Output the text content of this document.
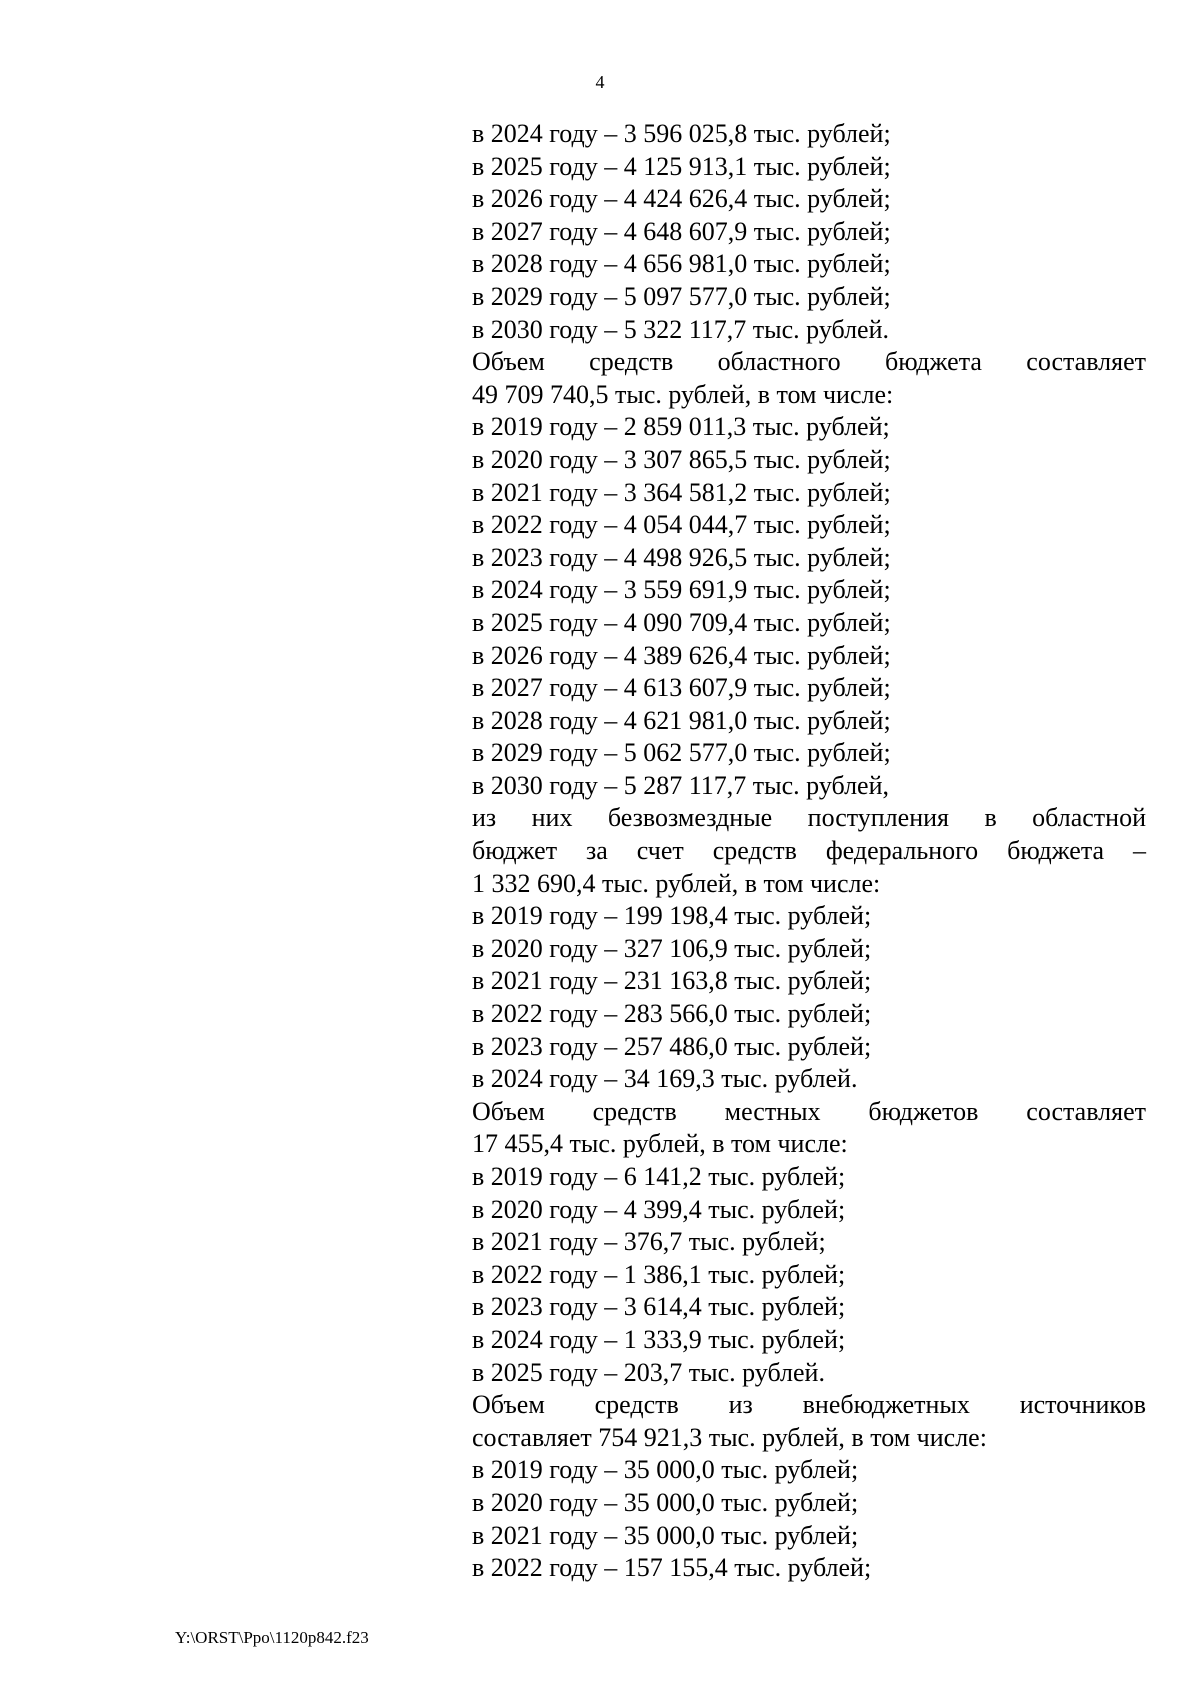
4
в 2024 году – 3 596 025,8 тыс. рублей;
в 2025 году – 4 125 913,1 тыс. рублей;
в 2026 году – 4 424 626,4 тыс. рублей;
в 2027 году – 4 648 607,9 тыс. рублей;
в 2028 году – 4 656 981,0 тыс. рублей;
в 2029 году – 5 097 577,0 тыс. рублей;
в 2030 году – 5 322 117,7 тыс. рублей.
Объем средств областного бюджета составляет
49 709 740,5 тыс. рублей, в том числе:
в 2019 году – 2 859 011,3 тыс. рублей;
в 2020 году – 3 307 865,5 тыс. рублей;
в 2021 году – 3 364 581,2 тыс. рублей;
в 2022 году – 4 054 044,7 тыс. рублей;
в 2023 году – 4 498 926,5 тыс. рублей;
в 2024 году – 3 559 691,9 тыс. рублей;
в 2025 году – 4 090 709,4 тыс. рублей;
в 2026 году – 4 389 626,4 тыс. рублей;
в 2027 году – 4 613 607,9 тыс. рублей;
в 2028 году – 4 621 981,0 тыс. рублей;
в 2029 году – 5 062 577,0 тыс. рублей;
в 2030 году – 5 287 117,7 тыс. рублей,
из них безвозмездные поступления в областной
бюджет за счет средств федерального бюджета –
1 332 690,4 тыс. рублей, в том числе:
в 2019 году – 199 198,4 тыс. рублей;
в 2020 году – 327 106,9 тыс. рублей;
в 2021 году – 231 163,8 тыс. рублей;
в 2022 году – 283 566,0 тыс. рублей;
в 2023 году – 257 486,0 тыс. рублей;
в 2024 году – 34 169,3 тыс. рублей.
Объем средств местных бюджетов составляет
17 455,4 тыс. рублей, в том числе:
в 2019 году – 6 141,2 тыс. рублей;
в 2020 году – 4 399,4 тыс. рублей;
в 2021 году – 376,7 тыс. рублей;
в 2022 году – 1 386,1 тыс. рублей;
в 2023 году – 3 614,4 тыс. рублей;
в 2024 году – 1 333,9 тыс. рублей;
в 2025 году – 203,7 тыс. рублей.
Объем средств из внебюджетных источников
составляет 754 921,3 тыс. рублей, в том числе:
в 2019 году – 35 000,0 тыс. рублей;
в 2020 году – 35 000,0 тыс. рублей;
в 2021 году – 35 000,0 тыс. рублей;
в 2022 году – 157 155,4 тыс. рублей;
Y:\ORST\Ppo\1120p842.f23
